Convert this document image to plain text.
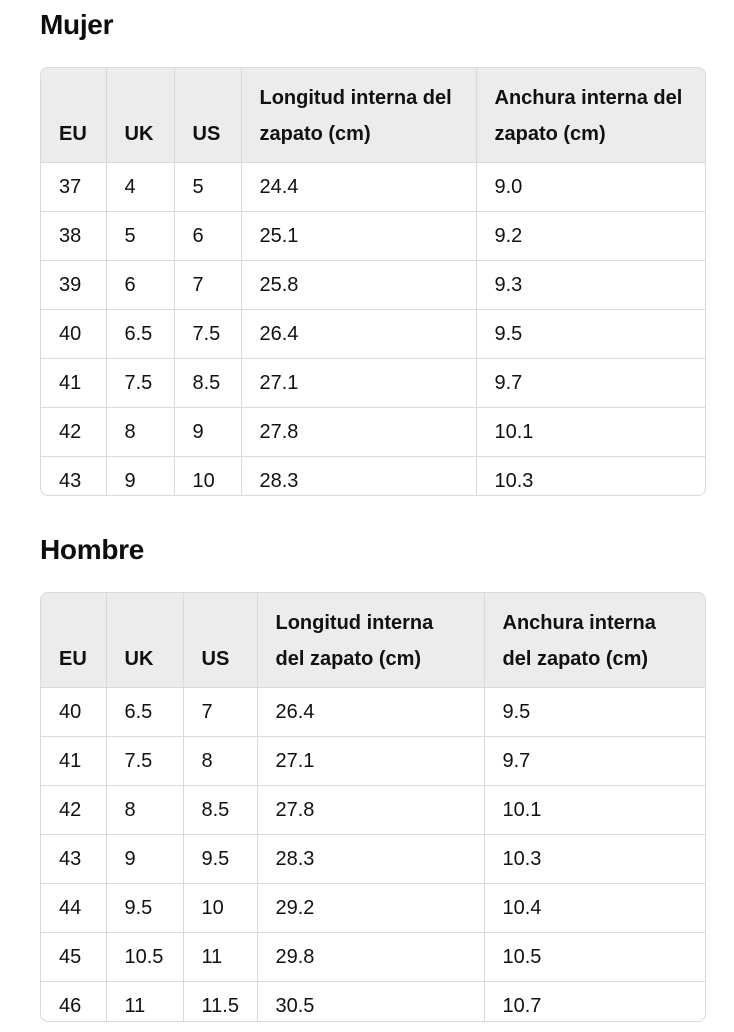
Mujer
EU	UK	US	Longitud interna del zapato (cm)	Anchura interna del zapato (cm)
37	4	5	24.4	9.0
38	5	6	25.1	9.2
39	6	7	25.8	9.3
40	6.5	7.5	26.4	9.5
41	7.5	8.5	27.1	9.7
42	8	9	27.8	10.1
43	9	10	28.3	10.3
Hombre
EU	UK	US	Longitud interna del zapato (cm)	Anchura interna del zapato (cm)
40	6.5	7	26.4	9.5
41	7.5	8	27.1	9.7
42	8	8.5	27.8	10.1
43	9	9.5	28.3	10.3
44	9.5	10	29.2	10.4
45	10.5	11	29.8	10.5
46	11	11.5	30.5	10.7
